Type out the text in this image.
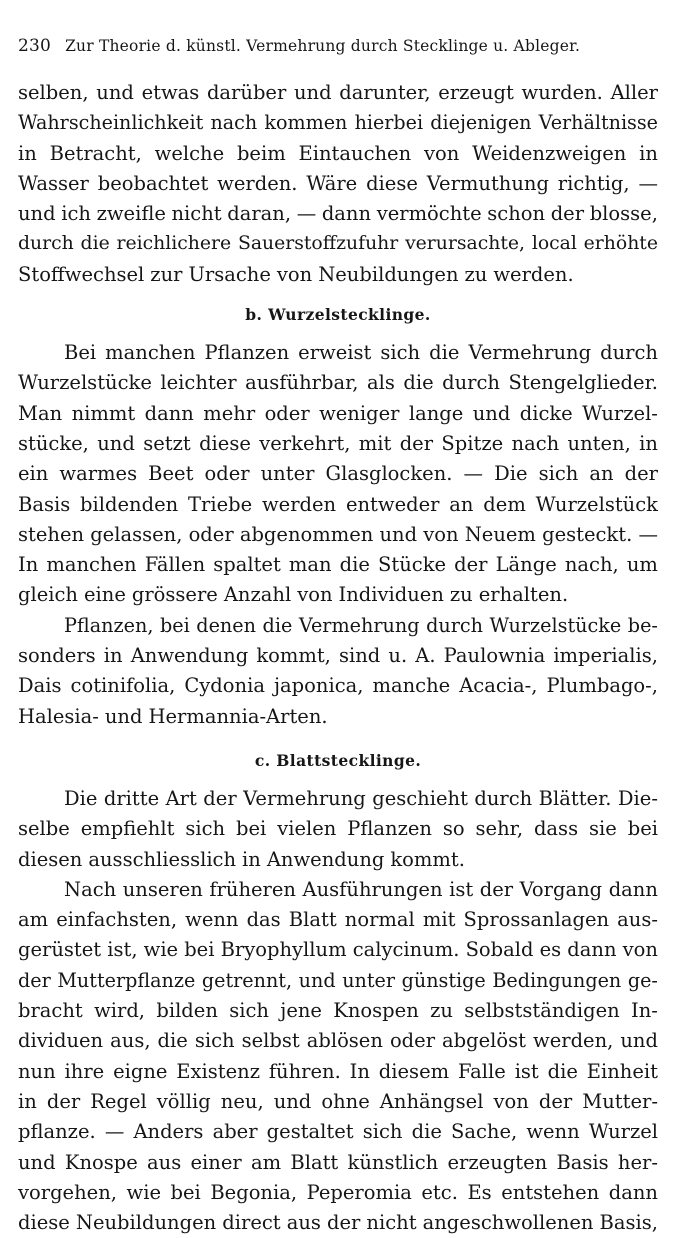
230 Zur Theorie d. künstl. Vermehrung durch Stecklinge u. Ableger.
selben, und etwas darüber und darunter, erzeugt wurden. Aller
Wahrscheinlichkeit nach kommen hierbei diejenigen Verhältnisse
in Betracht, welche beim Eintauchen von Weidenzweigen in
Wasser beobachtet werden. Wäre diese Vermuthung richtig, —
und ich zweifle nicht daran, — dann vermöchte schon der blosse,
durch die reichlichere Sauerstoffzufuhr verursachte, local erhöhte
Stoffwechsel zur Ursache von Neubildungen zu werden.
b. Wurzelstecklinge.
Bei manchen Pflanzen erweist sich die Vermehrung durch
Wurzelstücke leichter ausführbar, als die durch Stengelglieder.
Man nimmt dann mehr oder weniger lange und dicke Wurzel-
stücke, und setzt diese verkehrt, mit der Spitze nach unten, in
ein warmes Beet oder unter Glasglocken. — Die sich an der
Basis bildenden Triebe werden entweder an dem Wurzelstück
stehen gelassen, oder abgenommen und von Neuem gesteckt. —
In manchen Fällen spaltet man die Stücke der Länge nach, um
gleich eine grössere Anzahl von Individuen zu erhalten.
Pflanzen, bei denen die Vermehrung durch Wurzelstücke be-
sonders in Anwendung kommt, sind u. A. Paulownia imperialis,
Dais cotinifolia, Cydonia japonica, manche Acacia-, Plumbago-,
Halesia- und Hermannia-Arten.
c. Blattstecklinge.
Die dritte Art der Vermehrung geschieht durch Blätter. Die-
selbe empfiehlt sich bei vielen Pflanzen so sehr, dass sie bei
diesen ausschliesslich in Anwendung kommt.
Nach unseren früheren Ausführungen ist der Vorgang dann
am einfachsten, wenn das Blatt normal mit Sprossanlagen aus-
gerüstet ist, wie bei Bryophyllum calycinum. Sobald es dann von
der Mutterpflanze getrennt, und unter günstige Bedingungen ge-
bracht wird, bilden sich jene Knospen zu selbstständigen In-
dividuen aus, die sich selbst ablösen oder abgelöst werden, und
nun ihre eigne Existenz führen. In diesem Falle ist die Einheit
in der Regel völlig neu, und ohne Anhängsel von der Mutter-
pflanze. — Anders aber gestaltet sich die Sache, wenn Wurzel
und Knospe aus einer am Blatt künstlich erzeugten Basis her-
vorgehen, wie bei Begonia, Peperomia etc. Es entstehen dann
diese Neubildungen direct aus der nicht angeschwollenen Basis,
